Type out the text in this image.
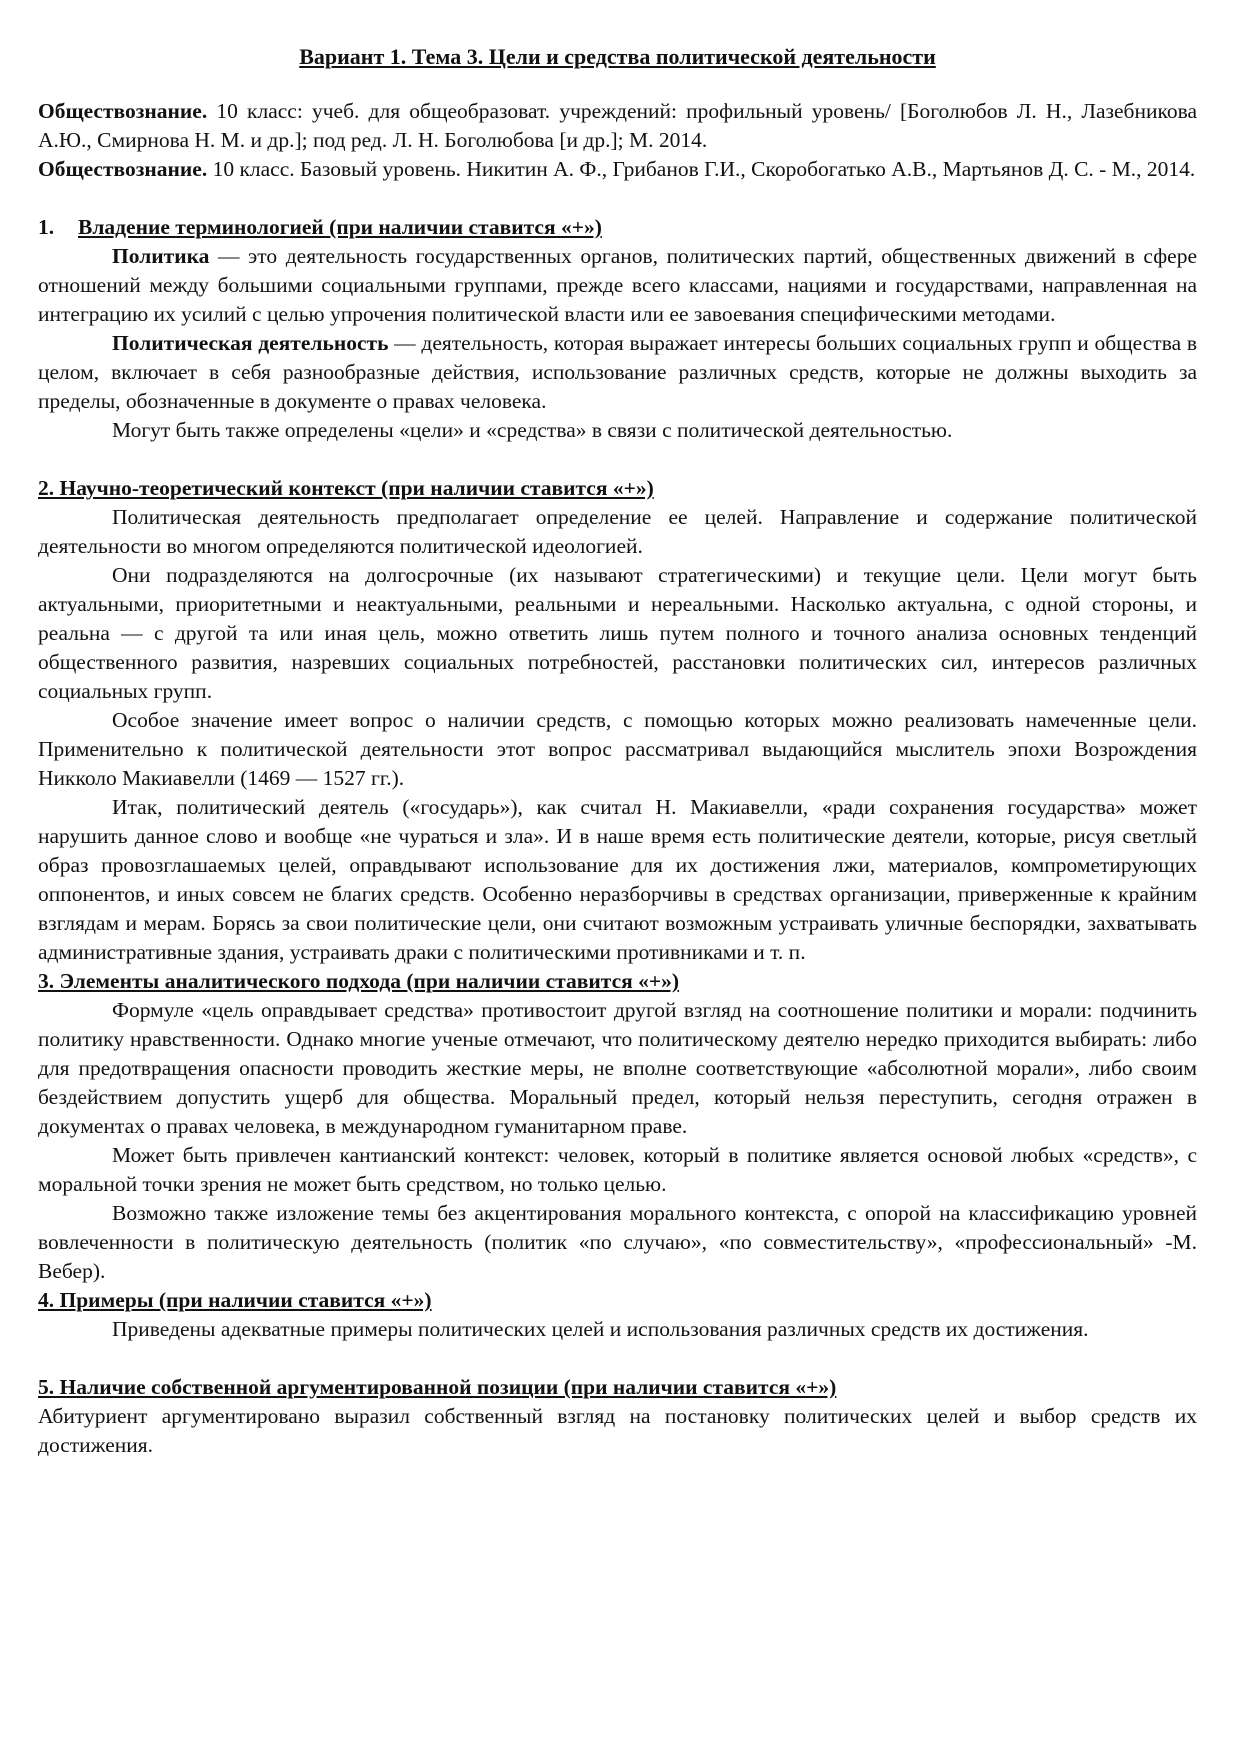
Вариант 1. Тема 3. Цели и средства политической деятельности

Обществознание. 10 класс: учеб. для общеобразоват. учреждений: профильный уровень/ [Боголюбов Л. Н., Лазебникова А.Ю., Смирнова Н. М. и др.]; под ред. Л. Н. Боголюбова [и др.]; М. 2014.

Обществознание. 10 класс. Базовый уровень. Никитин А. Ф., Грибанов Г.И., Скоробогатько А.В., Мартьянов Д. С. - М., 2014.

1. Владение терминологией (при наличии ставится «+»)

Политика — это деятельность государственных органов, политических партий, общественных движений в сфере отношений между большими социальными группами, прежде всего классами, нациями и государствами, направленная на интеграцию их усилий с целью упрочения политической власти или ее завоевания специфическими методами.

Политическая деятельность — деятельность, которая выражает интересы больших социальных групп и общества в целом, включает в себя разнообразные действия, использование различных средств, которые не должны выходить за пределы, обозначенные в документе о правах человека.

Могут быть также определены «цели» и «средства» в связи с политической деятельностью.

2. Научно-теоретический контекст (при наличии ставится «+»)

Политическая деятельность предполагает определение ее целей. Направление и содержание политической деятельности во многом определяются политической идеологией.

Они подразделяются на долгосрочные (их называют стратегическими) и текущие цели. Цели могут быть актуальными, приоритетными и неактуальными, реальными и нереальными. Насколько актуальна, с одной стороны, и реальна — с другой та или иная цель, можно ответить лишь путем полного и точного анализа основных тенденций общественного развития, назревших социальных потребностей, расстановки политических сил, интересов различных социальных групп.

Особое значение имеет вопрос о наличии средств, с помощью которых можно реализовать намеченные цели. Применительно к политической деятельности этот вопрос рассматривал выдающийся мыслитель эпохи Возрождения Никколо Макиавелли (1469 — 1527 гг.).

Итак, политический деятель («государь»), как считал Н. Макиавелли, «ради сохранения государства» может нарушить данное слово и вообще «не чураться и зла». И в наше время есть политические деятели, которые, рисуя светлый образ провозглашаемых целей, оправдывают использование для их достижения лжи, материалов, компрометирующих оппонентов, и иных совсем не благих средств. Особенно неразборчивы в средствах организации, приверженные к крайним взглядам и мерам. Борясь за свои политические цели, они считают возможным устраивать уличные беспорядки, захватывать административные здания, устраивать драки с политическими противниками и т. п.

3. Элементы аналитического подхода (при наличии ставится «+»)

Формуле «цель оправдывает средства» противостоит другой взгляд на соотношение политики и морали: подчинить политику нравственности. Однако многие ученые отмечают, что политическому деятелю нередко приходится выбирать: либо для предотвращения опасности проводить жесткие меры, не вполне соответствующие «абсолютной морали», либо своим бездействием допустить ущерб для общества. Моральный предел, который нельзя переступить, сегодня отражен в документах о правах человека, в международном гуманитарном праве.

Может быть привлечен кантианский контекст: человек, который в политике является основой любых «средств», с моральной точки зрения не может быть средством, но только целью.

Возможно также изложение темы без акцентирования морального контекста, с опорой на классификацию уровней вовлеченности в политическую деятельность (политик «по случаю», «по совместительству», «профессиональный» -М. Вебер).

4. Примеры (при наличии ставится «+»)

Приведены адекватные примеры политических целей и использования различных средств их достижения.

5. Наличие собственной аргументированной позиции (при наличии ставится «+»)

Абитуриент аргументировано выразил собственный взгляд на постановку политических целей и выбор средств их достижения.
